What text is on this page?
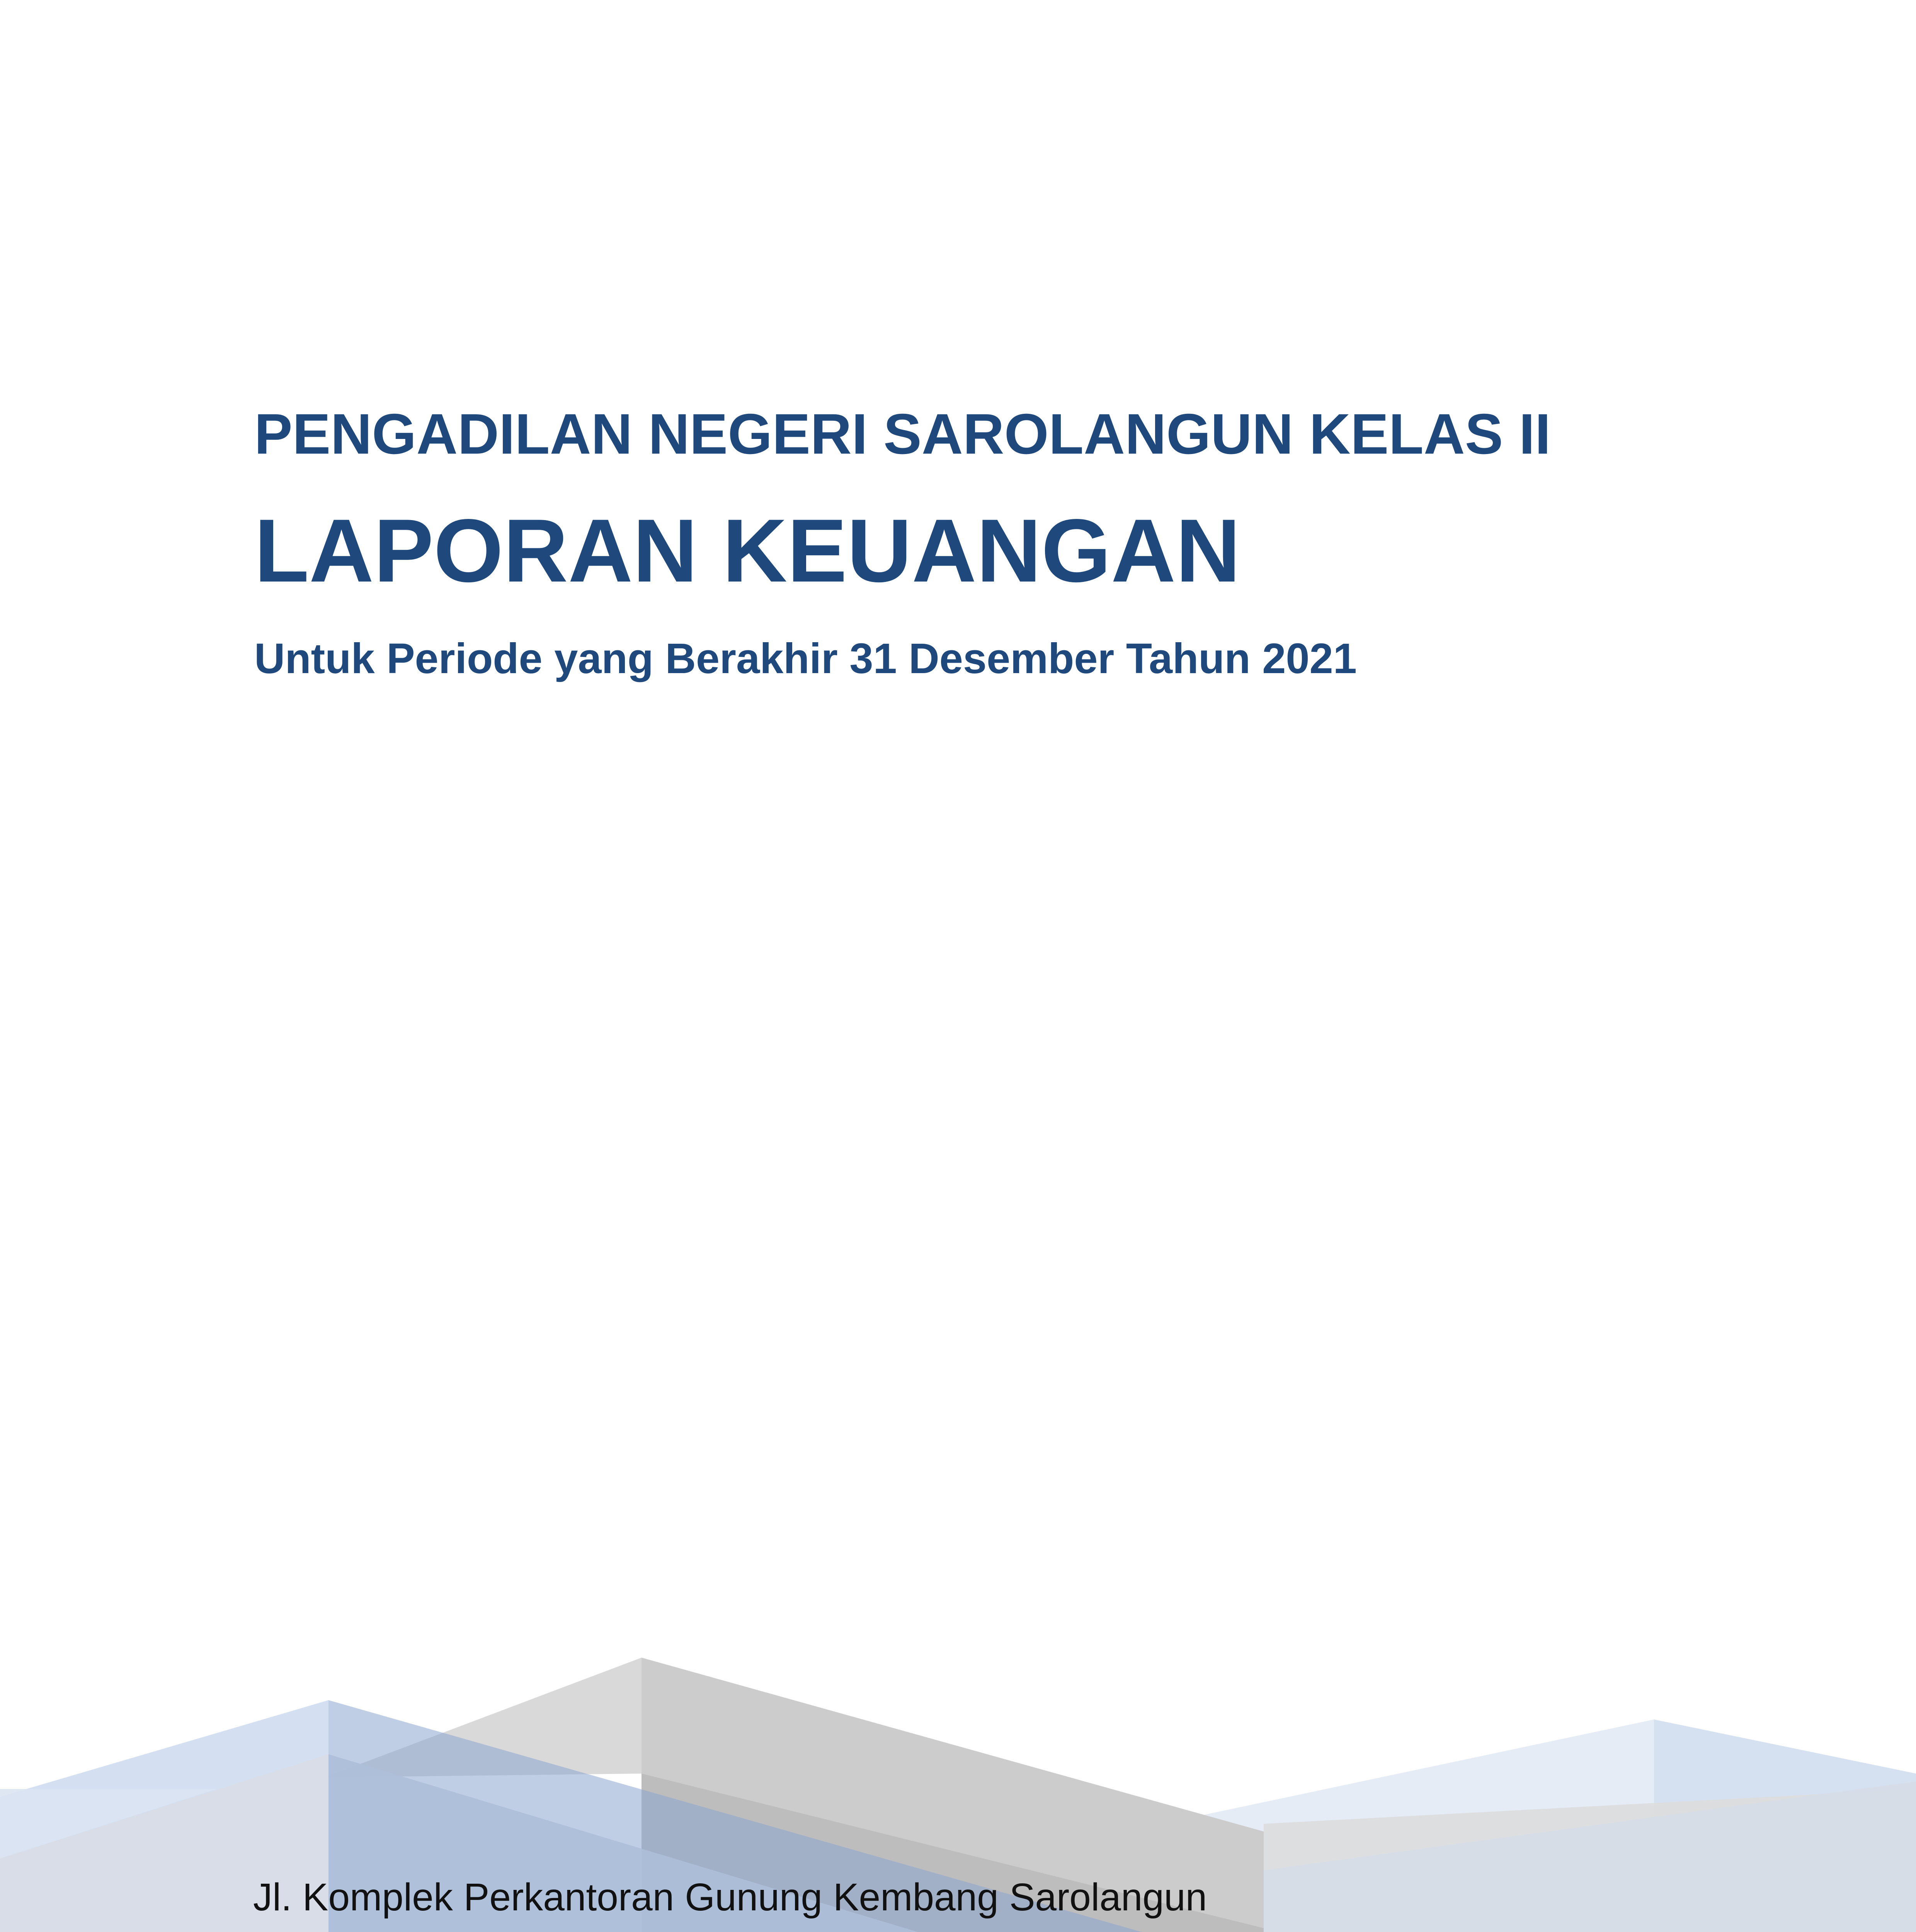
PENGADILAN NEGERI SAROLANGUN KELAS II
LAPORAN KEUANGAN
Untuk Periode yang Berakhir 31 Desember Tahun 2021
Jl. Komplek Perkantoran Gunung Kembang Sarolangun
